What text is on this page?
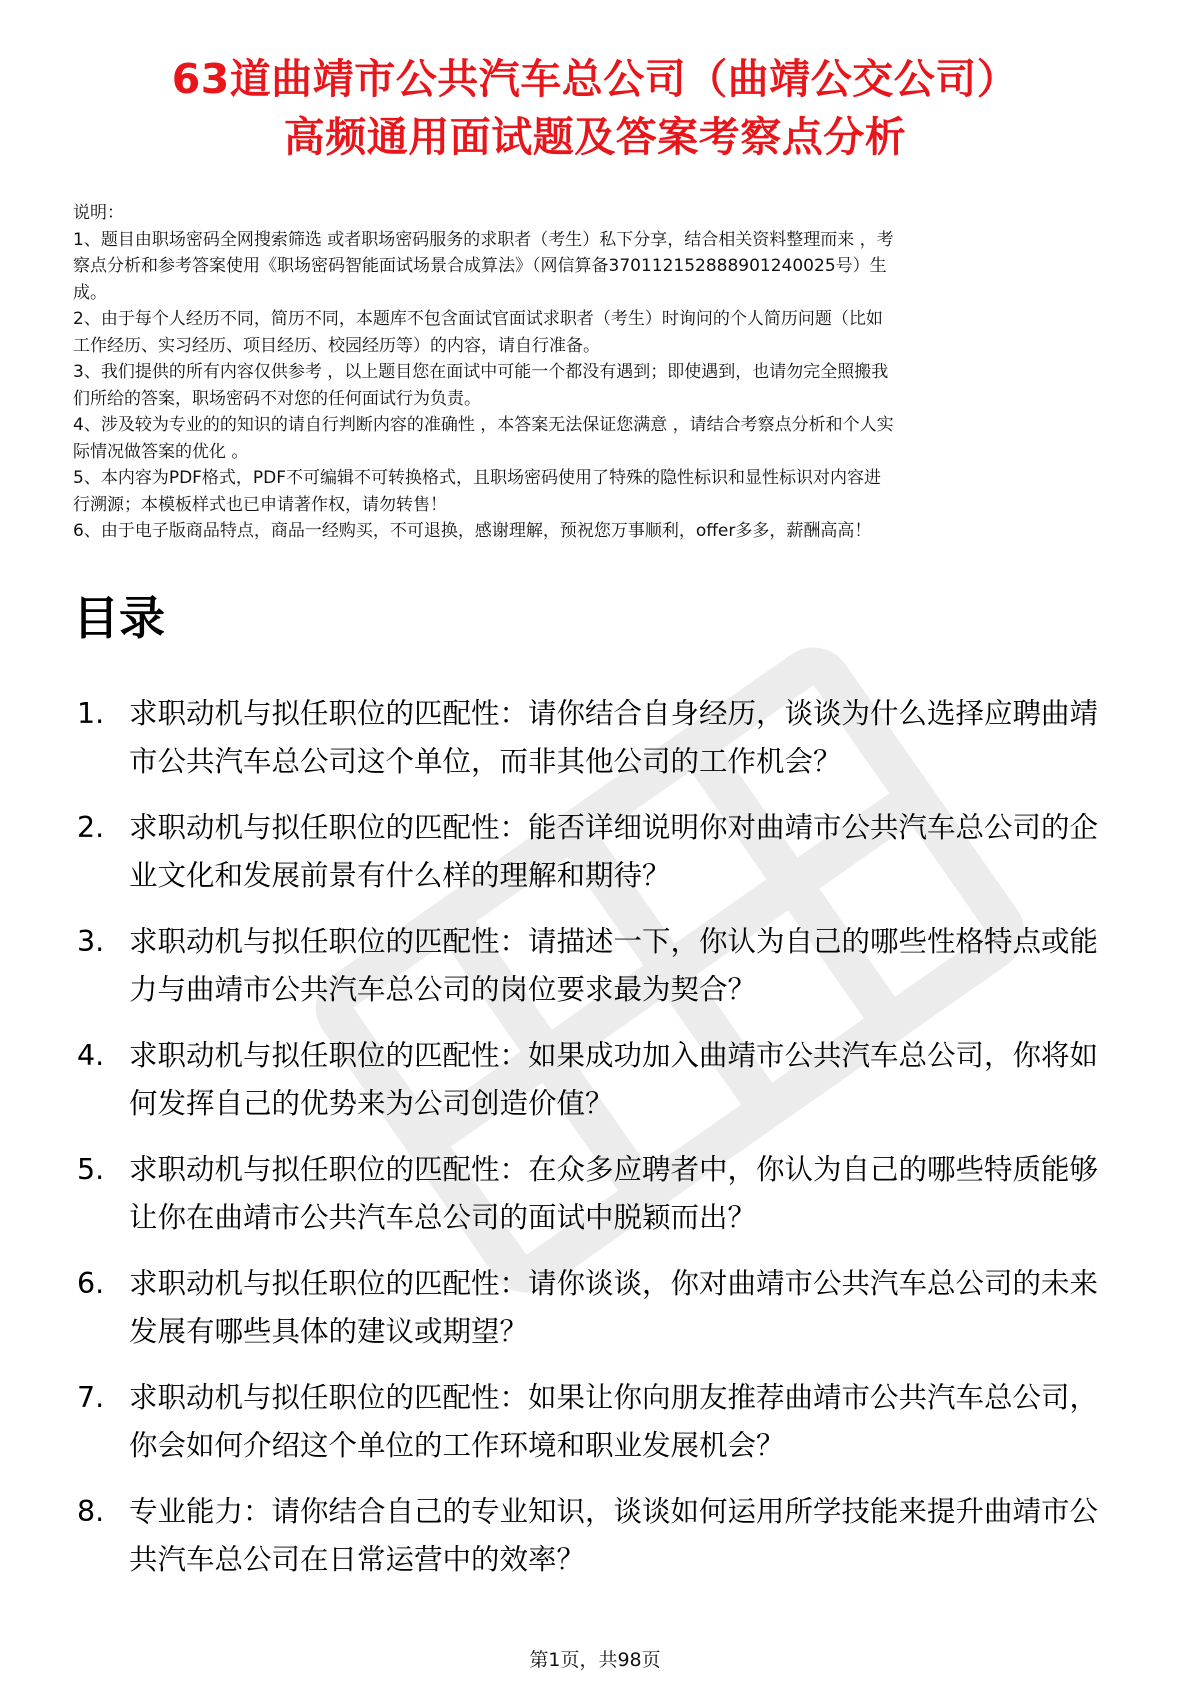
63道曲靖市公共汽车总公司（曲靖公交公司）
高频通用面试题及答案考察点分析
说明：
1、题目由职场密码全网搜索筛选 或者职场密码服务的求职者（考生）私下分享，结合相关资料整理而来 ，考
察点分析和参考答案使用《职场密码智能面试场景合成算法》（网信算备370112152888901240025号）生
成。
2、由于每个人经历不同，简历不同，本题库不包含面试官面试求职者（考生）时询问的个人简历问题（比如
工作经历、实习经历、项目经历、校园经历等）的内容，请自行准备。
3、我们提供的所有内容仅供参考 ，以上题目您在面试中可能一个都没有遇到；即使遇到，也请勿完全照搬我
们所给的答案，职场密码不对您的任何面试行为负责。
4、涉及较为专业的的知识的请自行判断内容的准确性 ，本答案无法保证您满意 ，请结合考察点分析和个人实
际情况做答案的优化 。
5、本内容为PDF格式，PDF不可编辑不可转换格式，且职场密码使用了特殊的隐性标识和显性标识对内容进
行溯源；本模板样式也已申请著作权，请勿转售！
6、由于电子版商品特点，商品一经购买，不可退换，感谢理解，预祝您万事顺利，offer多多，薪酬高高！
目录
1. 求职动机与拟任职位的匹配性：请你结合自身经历，谈谈为什么选择应聘曲靖市公共汽车总公司这个单位，而非其他公司的工作机会？
2. 求职动机与拟任职位的匹配性：能否详细说明你对曲靖市公共汽车总公司的企业文化和发展前景有什么样的理解和期待？
3. 求职动机与拟任职位的匹配性：请描述一下，你认为自己的哪些性格特点或能力与曲靖市公共汽车总公司的岗位要求最为契合？
4. 求职动机与拟任职位的匹配性：如果成功加入曲靖市公共汽车总公司，你将如何发挥自己的优势来为公司创造价值？
5. 求职动机与拟任职位的匹配性：在众多应聘者中，你认为自己的哪些特质能够让你在曲靖市公共汽车总公司的面试中脱颖而出？
6. 求职动机与拟任职位的匹配性：请你谈谈，你对曲靖市公共汽车总公司的未来发展有哪些具体的建议或期望？
7. 求职动机与拟任职位的匹配性：如果让你向朋友推荐曲靖市公共汽车总公司，你会如何介绍这个单位的工作环境和职业发展机会？
8. 专业能力：请你结合自己的专业知识，谈谈如何运用所学技能来提升曲靖市公共汽车总公司在日常运营中的效率？
第1页，共98页
